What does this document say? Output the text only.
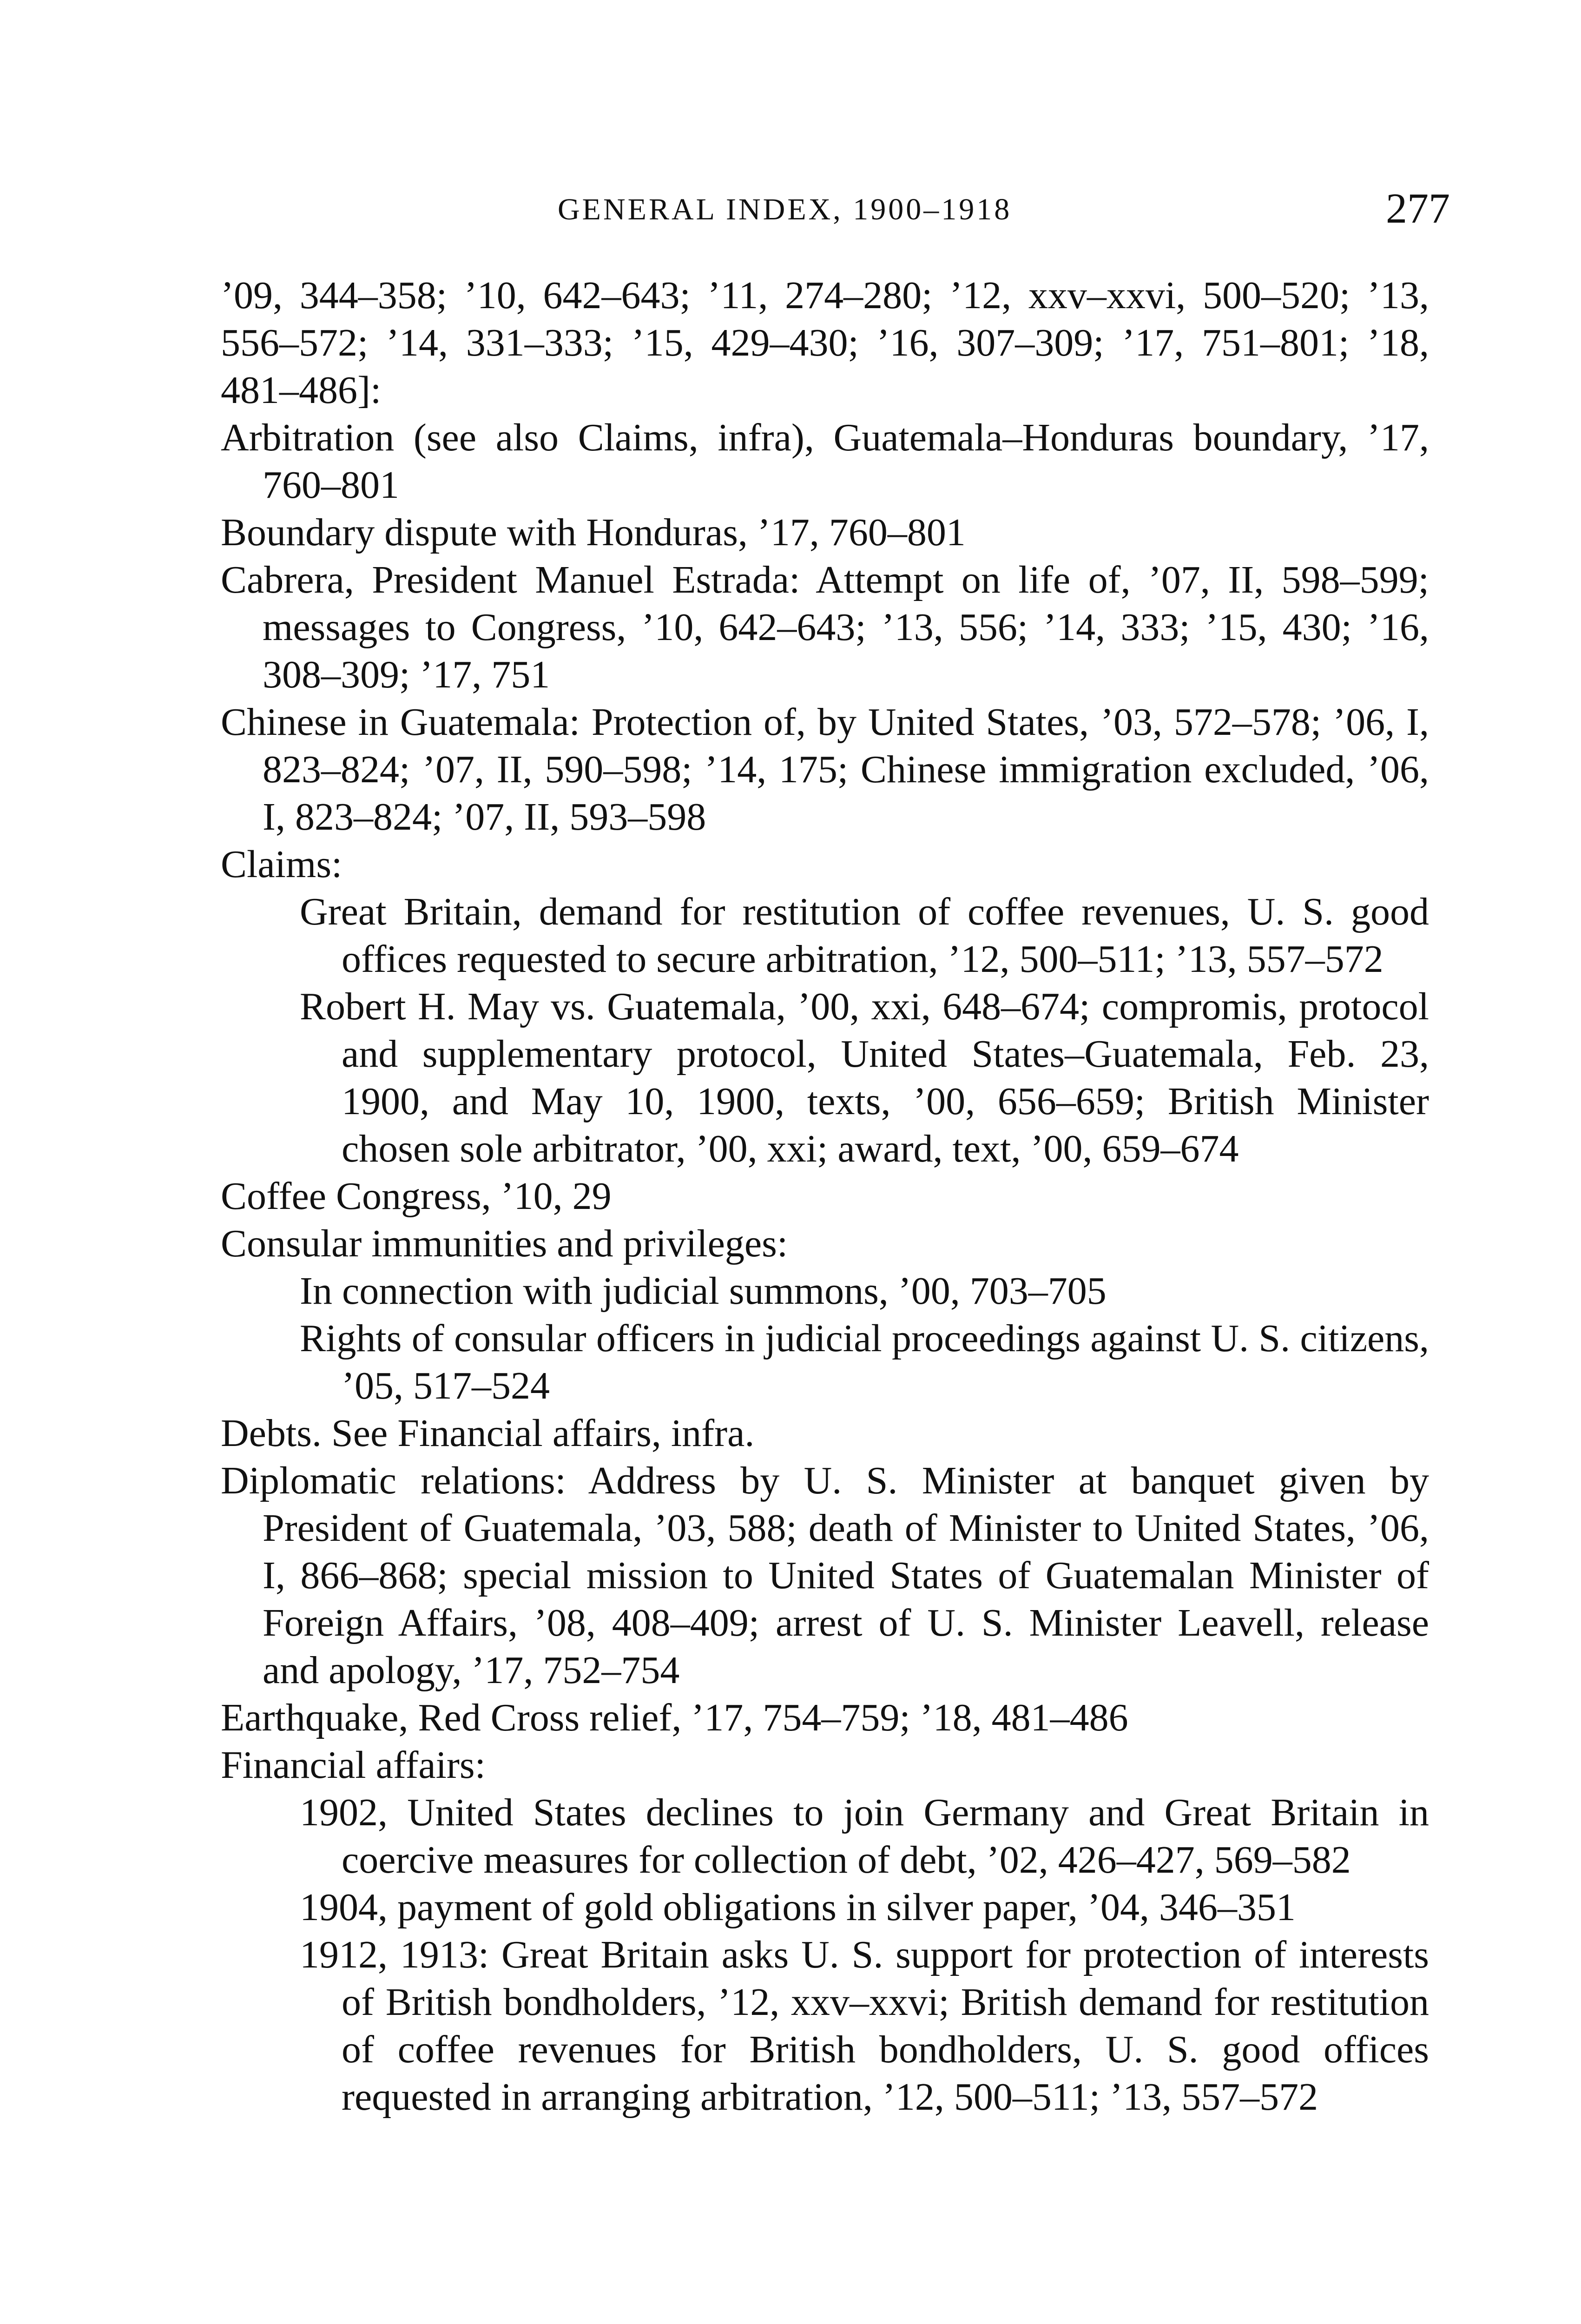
GENERAL INDEX, 1900–1918	277

’09, 344–358; ’10, 642–643; ’11, 274–280; ’12, xxv–xxvi, 500–520; ’13, 556–572; ’14, 331–333; ’15, 429–430; ’16, 307–309; ’17, 751–801; ’18, 481–486]:

Arbitration (see also Claims, infra), Guatemala–Honduras boundary, ’17, 760–801

Boundary dispute with Honduras, ’17, 760–801

Cabrera, President Manuel Estrada: Attempt on life of, ’07, II, 598–599; messages to Congress, ’10, 642–643; ’13, 556; ’14, 333; ’15, 430; ’16, 308–309; ’17, 751

Chinese in Guatemala: Protection of, by United States, ’03, 572–578; ’06, I, 823–824; ’07, II, 590–598; ’14, 175; Chinese immigration excluded, ’06, I, 823–824; ’07, II, 593–598

Claims:

Great Britain, demand for restitution of coffee revenues, U. S. good offices requested to secure arbitration, ’12, 500–511; ’13, 557–572

Robert H. May vs. Guatemala, ’00, xxi, 648–674; compromis, protocol and supplementary protocol, United States–Guatemala, Feb. 23, 1900, and May 10, 1900, texts, ’00, 656–659; British Minister chosen sole arbitrator, ’00, xxi; award, text, ’00, 659–674

Coffee Congress, ’10, 29

Consular immunities and privileges:

In connection with judicial summons, ’00, 703–705

Rights of consular officers in judicial proceedings against U. S. citizens, ’05, 517–524

Debts. See Financial affairs, infra.

Diplomatic relations: Address by U. S. Minister at banquet given by President of Guatemala, ’03, 588; death of Minister to United States, ’06, I, 866–868; special mission to United States of Guatemalan Minister of Foreign Affairs, ’08, 408–409; arrest of U. S. Minister Leavell, release and apology, ’17, 752–754

Earthquake, Red Cross relief, ’17, 754–759; ’18, 481–486

Financial affairs:

1902, United States declines to join Germany and Great Britain in coercive measures for collection of debt, ’02, 426–427, 569–582

1904, payment of gold obligations in silver paper, ’04, 346–351

1912, 1913: Great Britain asks U. S. support for protection of interests of British bondholders, ’12, xxv–xxvi; British demand for restitution of coffee revenues for British bondholders, U. S. good offices requested in arranging arbitration, ’12, 500–511; ’13, 557–572
